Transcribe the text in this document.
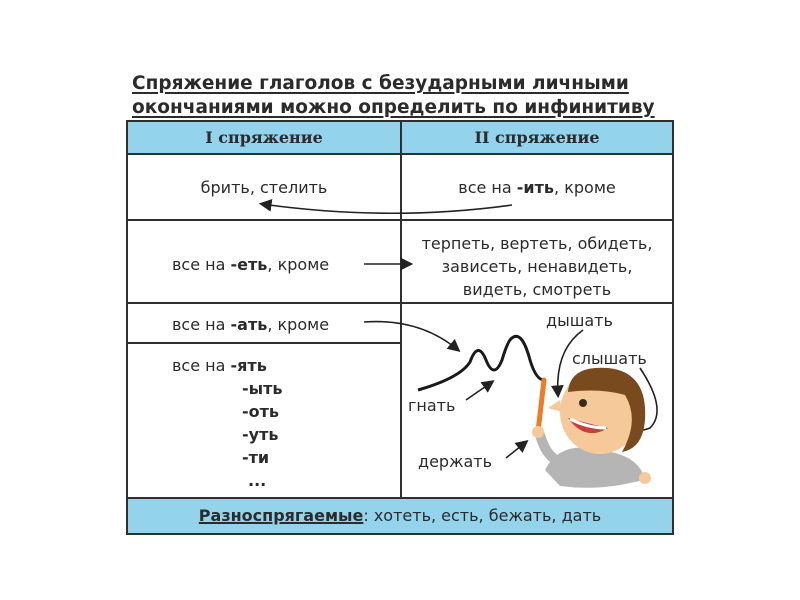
Спряжение глаголов с безударными личными
окончаниями можно определить по инфинитиву
I спряжение	II спряжение
брить, стелить	все на -ить, кроме
все на -еть, кроме
терпеть, вертеть, обидеть,
зависеть, ненавидеть,
видеть, смотреть
все на -ать, кроме
все на -ять
-ыть
-оть
-уть
-ти
...
Разноспрягаемые: хотеть, есть, бежать, дать
дышать
слышать
гнать
держать
